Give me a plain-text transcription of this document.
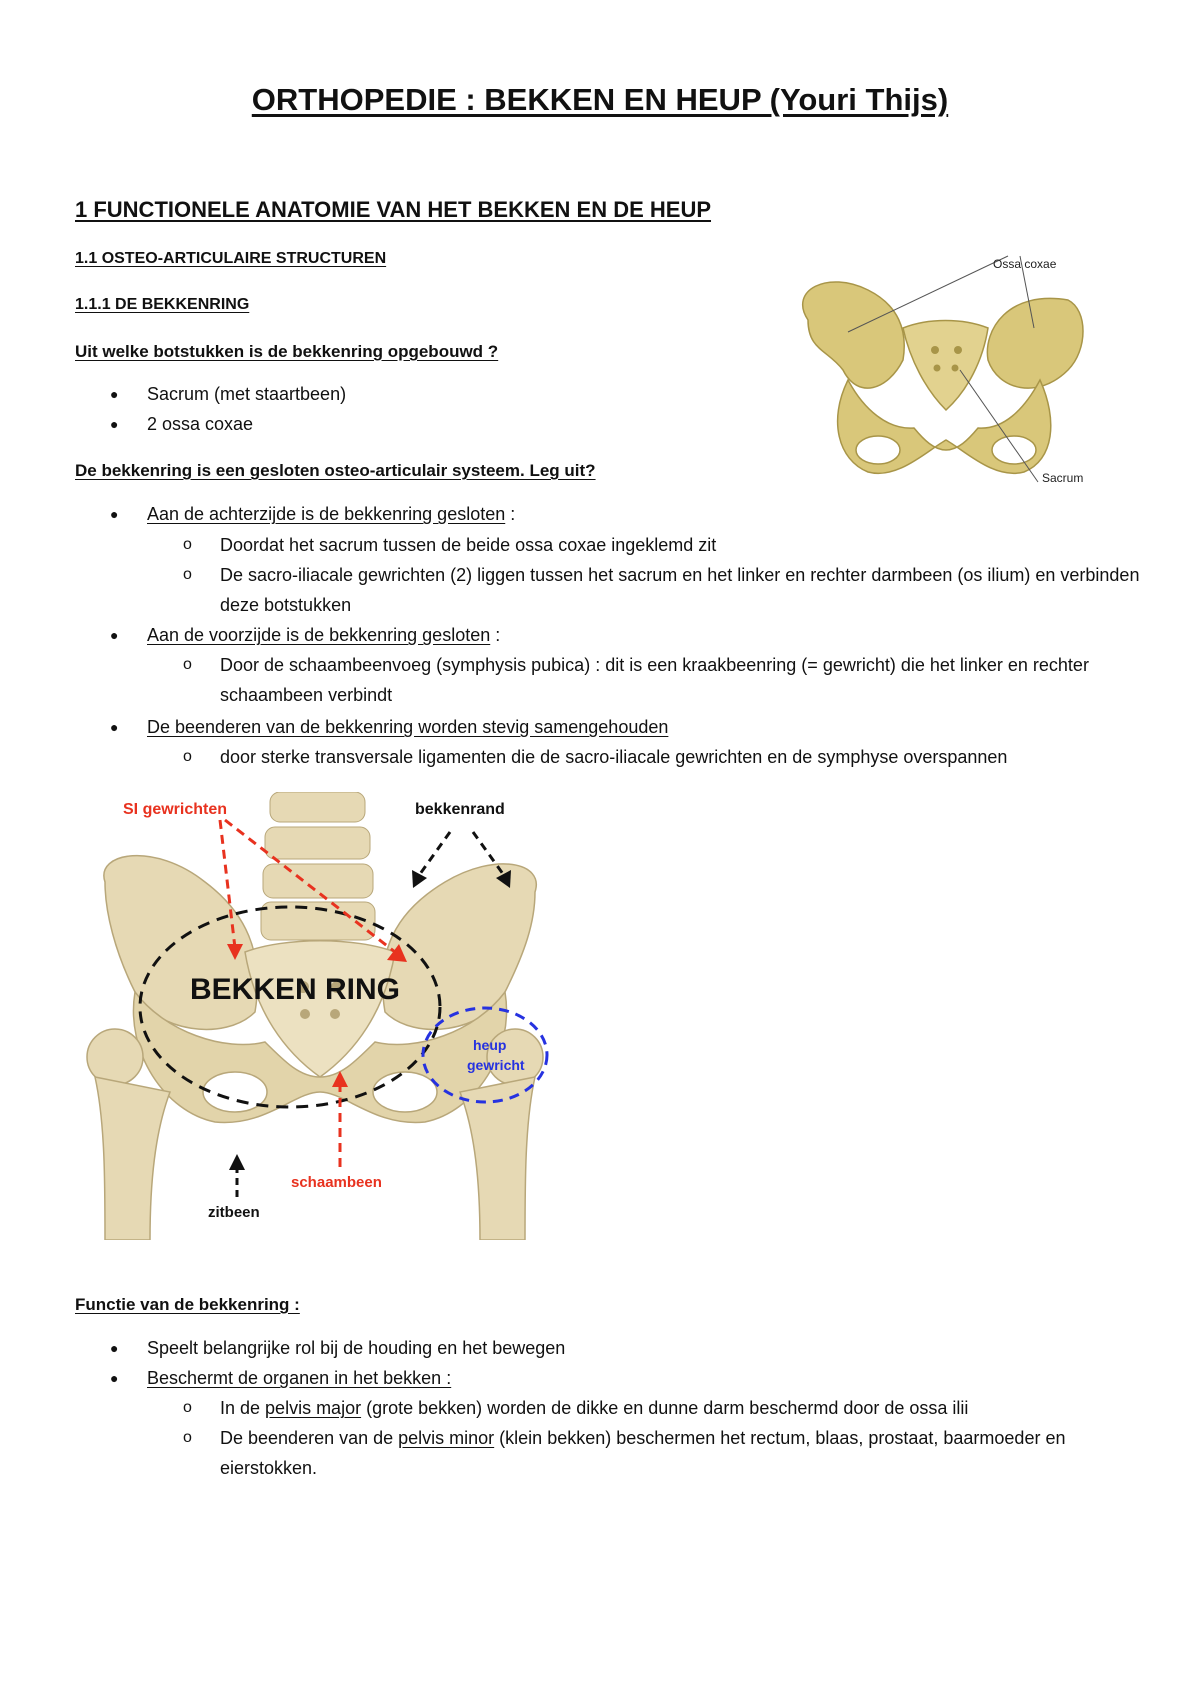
ORTHOPEDIE : BEKKEN EN HEUP (Youri Thijs)
1 FUNCTIONELE ANATOMIE VAN HET BEKKEN EN DE HEUP
1.1 OSTEO-ARTICULAIRE STRUCTUREN
1.1.1 DE BEKKENRING
Uit welke botstukken is de bekkenring opgebouwd ?
● Sacrum (met staartbeen)
● 2 ossa coxae
Ossa coxae
Sacrum
De bekkenring is een gesloten osteo-articulair systeem. Leg uit?
● Aan de achterzijde is de bekkenring gesloten :
o Doordat het sacrum tussen de beide ossa coxae ingeklemd zit
o De sacro-iliacale gewrichten (2) liggen tussen het sacrum en het linker en rechter darmbeen (os ilium) en verbinden deze botstukken
● Aan de voorzijde is de bekkenring gesloten :
o Door de schaambeenvoeg (symphysis pubica) : dit is een kraakbeenring (= gewricht) die het linker en rechter schaambeen verbindt
● De beenderen van de bekkenring worden stevig samengehouden
o door sterke transversale ligamenten die de sacro-iliacale gewrichten en de symphyse overspannen
SI gewrichten	bekkenrand
BEKKEN RING
heup
gewricht
schaambeen
zitbeen
Functie van de bekkenring :
● Speelt belangrijke rol bij de houding en het bewegen
● Beschermt de organen in het bekken :
o In de pelvis major (grote bekken) worden de dikke en dunne darm beschermd door de ossa ilii
o De beenderen van de pelvis minor (klein bekken) beschermen het rectum, blaas, prostaat, baarmoeder en eierstokken.
